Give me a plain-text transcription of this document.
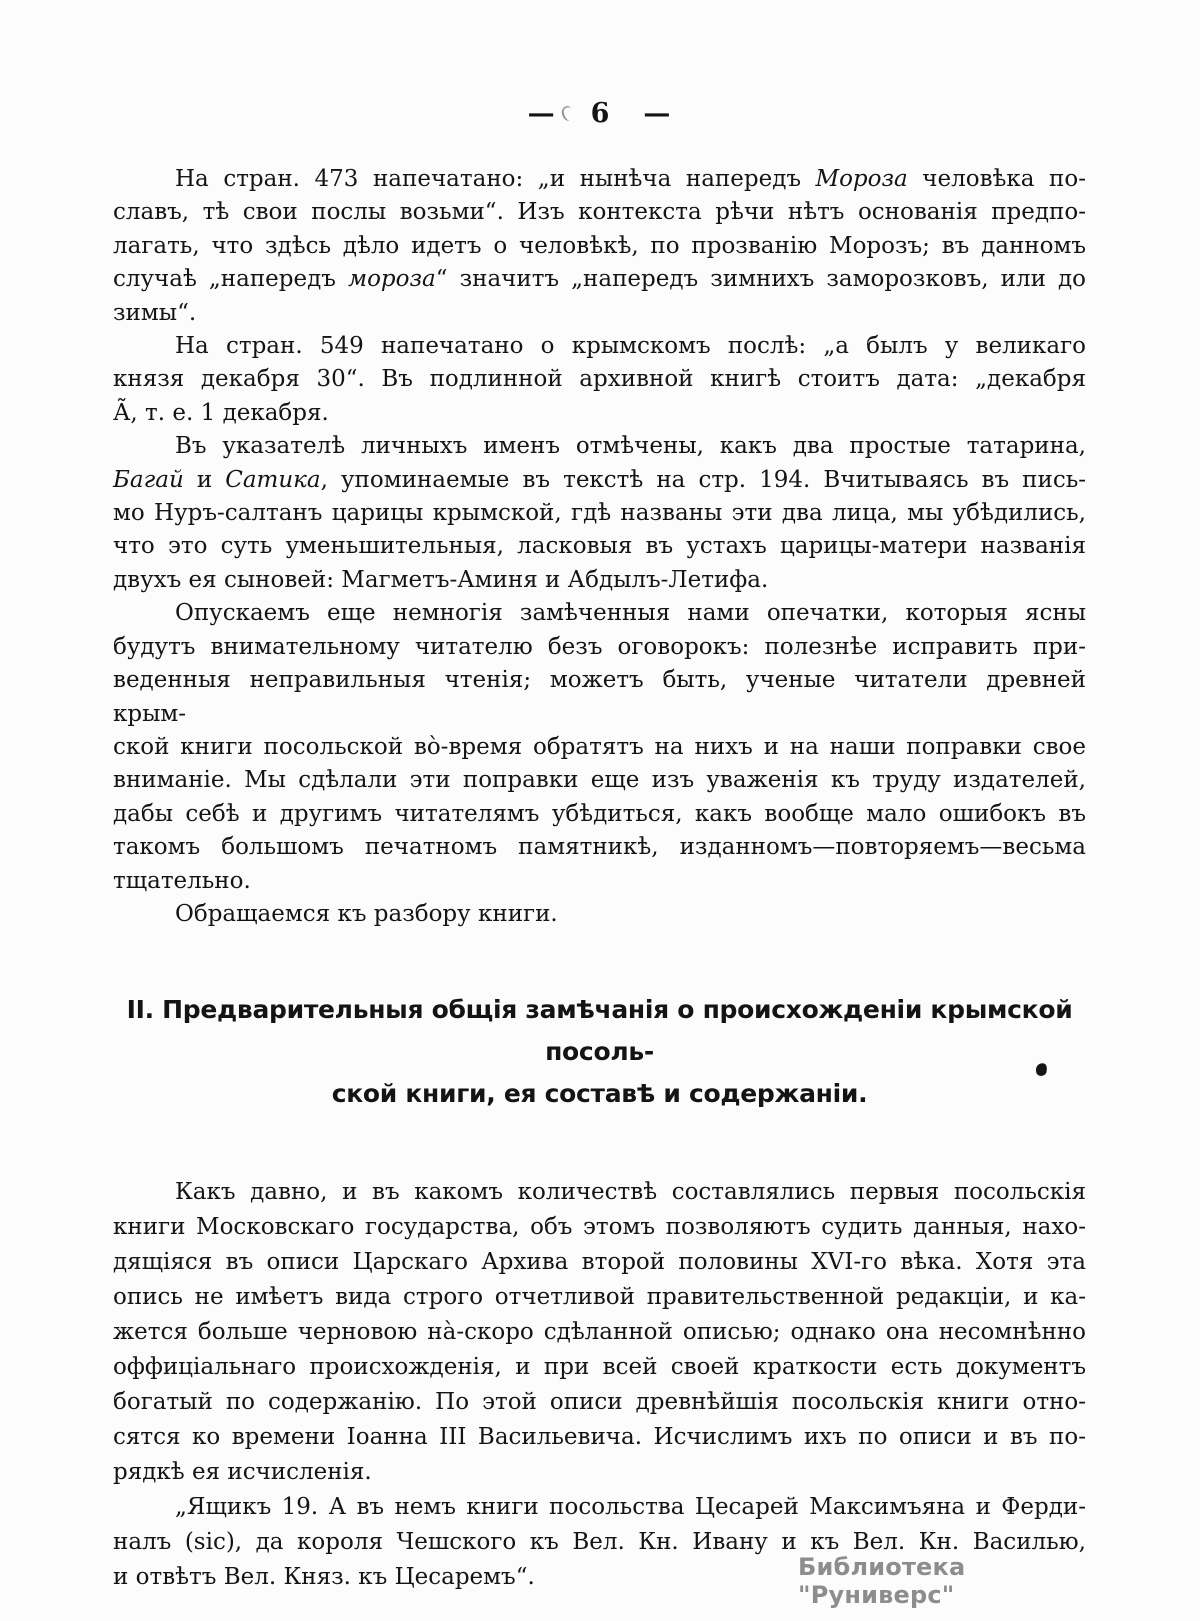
— 6 —
На стран. 473 напечатано: „и нынѣча напередъ Мороза человѣка по-
славъ, тѣ свои послы возьми“. Изъ контекста рѣчи нѣтъ основанія предпо-
лагать, что здѣсь дѣло идетъ о человѣкѣ, по прозванію Морозъ; въ данномъ
случаѣ „напередъ мороза“ значитъ „напередъ зимнихъ заморозковъ, или до
зимы“.
На стран. 549 напечатано о крымскомъ послѣ: „а былъ у великаго
князя декабря 30“. Въ подлинной архивной книгѣ стоитъ дата: „декабря
А̃, т. е. 1 декабря.
Въ указателѣ личныхъ именъ отмѣчены, какъ два простые татарина,
Багай и Сатика, упоминаемые въ текстѣ на стр. 194. Вчитываясь въ пись-
мо Нуръ-салтанъ царицы крымской, гдѣ названы эти два лица, мы убѣдились,
что это суть уменьшительныя, ласковыя въ устахъ царицы-матери названія
двухъ ея сыновей: Магметъ-Аминя и Абдылъ-Летифа.
Опускаемъ еще немногія замѣченныя нами опечатки, которыя ясны
будутъ внимательному читателю безъ оговорокъ: полезнѣе исправить при-
веденныя неправильныя чтенія; можетъ быть, ученые читатели древней крым-
ской книги посольской во̀-время обратятъ на нихъ и на наши поправки свое
вниманіе. Мы сдѣлали эти поправки еще изъ уваженія къ труду издателей,
дабы себѣ и другимъ читателямъ убѣдиться, какъ вообще мало ошибокъ въ
такомъ большомъ печатномъ памятникѣ, изданномъ—повторяемъ—весьма
тщательно.
Обращаемся къ разбору книги.
II. Предварительныя общія замѣчанія о происхожденіи крымской посоль-
ской книги, ея составѣ и содержаніи.
Какъ давно, и въ какомъ количествѣ составлялись первыя посольскія
книги Московскаго государства, объ этомъ позволяютъ судить данныя, нахо-
дящіяся въ описи Царскаго Архива второй половины XVI-го вѣка. Хотя эта
опись не имѣетъ вида строго отчетливой правительственной редакціи, и ка-
жется больше черновою на̀-скоро сдѣланной описью; однако она несомнѣнно
оффиціальнаго происхожденія, и при всей своей краткости есть документъ
богатый по содержанію. По этой описи древнѣйшія посольскія книги отно-
сятся ко времени Іоанна III Васильевича. Исчислимъ ихъ по описи и въ по-
рядкѣ ея исчисленія.
„Ящикъ 19. А въ немъ книги посольства Цесарей Максимъяна и Ферди-
налъ (sic), да короля Чешского къ Вел. Кн. Ивану и къ Вел. Кн. Василью,
и отвѣтъ Вел. Княз. къ Цесаремъ“.	Библиотека "Руниверс"
